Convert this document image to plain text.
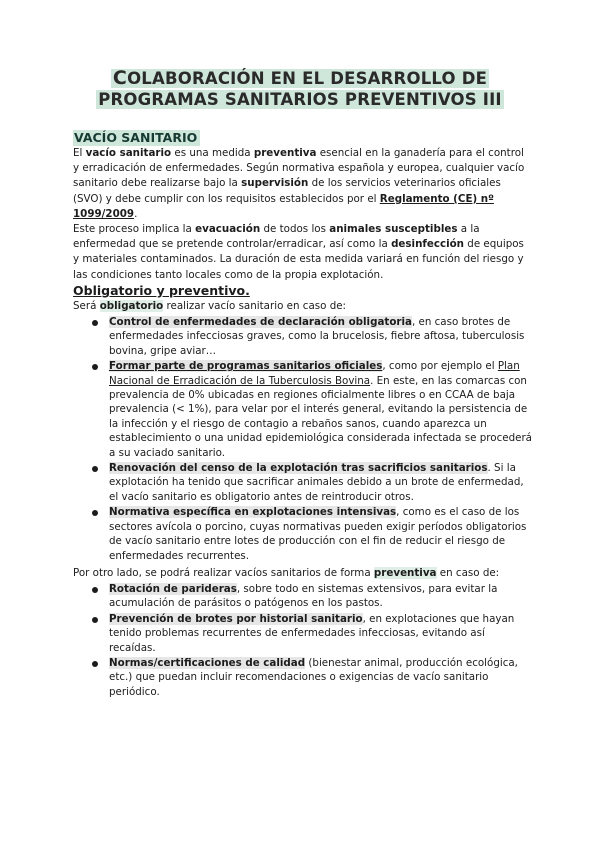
COLABORACIÓN EN EL DESARROLLO DE
PROGRAMAS SANITARIOS PREVENTIVOS III
VACÍO SANITARIO
El vacío sanitario es una medida preventiva esencial en la ganadería para el control y erradicación de enfermedades. Según normativa española y europea, cualquier vacío sanitario debe realizarse bajo la supervisión de los servicios veterinarios oficiales (SVO) y debe cumplir con los requisitos establecidos por el Reglamento (CE) nº 1099/2009.
Este proceso implica la evacuación de todos los animales susceptibles a la enfermedad que se pretende controlar/erradicar, así como la desinfección de equipos y materiales contaminados. La duración de esta medida variará en función del riesgo y las condiciones tanto locales como de la propia explotación.
Obligatorio y preventivo.
Será obligatorio realizar vacío sanitario en caso de:
Control de enfermedades de declaración obligatoria, en caso brotes de enfermedades infecciosas graves, como la brucelosis, fiebre aftosa, tuberculosis bovina, gripe aviar…
Formar parte de programas sanitarios oficiales, como por ejemplo el Plan Nacional de Erradicación de la Tuberculosis Bovina. En este, en las comarcas con prevalencia de 0% ubicadas en regiones oficialmente libres o en CCAA de baja prevalencia (< 1%), para velar por el interés general, evitando la persistencia de la infección y el riesgo de contagio a rebaños sanos, cuando aparezca un establecimiento o una unidad epidemiológica considerada infectada se procederá a su vaciado sanitario.
Renovación del censo de la explotación tras sacrificios sanitarios. Si la explotación ha tenido que sacrificar animales debido a un brote de enfermedad, el vacío sanitario es obligatorio antes de reintroducir otros.
Normativa específica en explotaciones intensivas, como es el caso de los sectores avícola o porcino, cuyas normativas pueden exigir períodos obligatorios de vacío sanitario entre lotes de producción con el fin de reducir el riesgo de enfermedades recurrentes.
Por otro lado, se podrá realizar vacíos sanitarios de forma preventiva en caso de:
Rotación de parideras, sobre todo en sistemas extensivos, para evitar la acumulación de parásitos o patógenos en los pastos.
Prevención de brotes por historial sanitario, en explotaciones que hayan tenido problemas recurrentes de enfermedades infecciosas, evitando así recaídas.
Normas/certificaciones de calidad (bienestar animal, producción ecológica, etc.) que puedan incluir recomendaciones o exigencias de vacío sanitario periódico.
